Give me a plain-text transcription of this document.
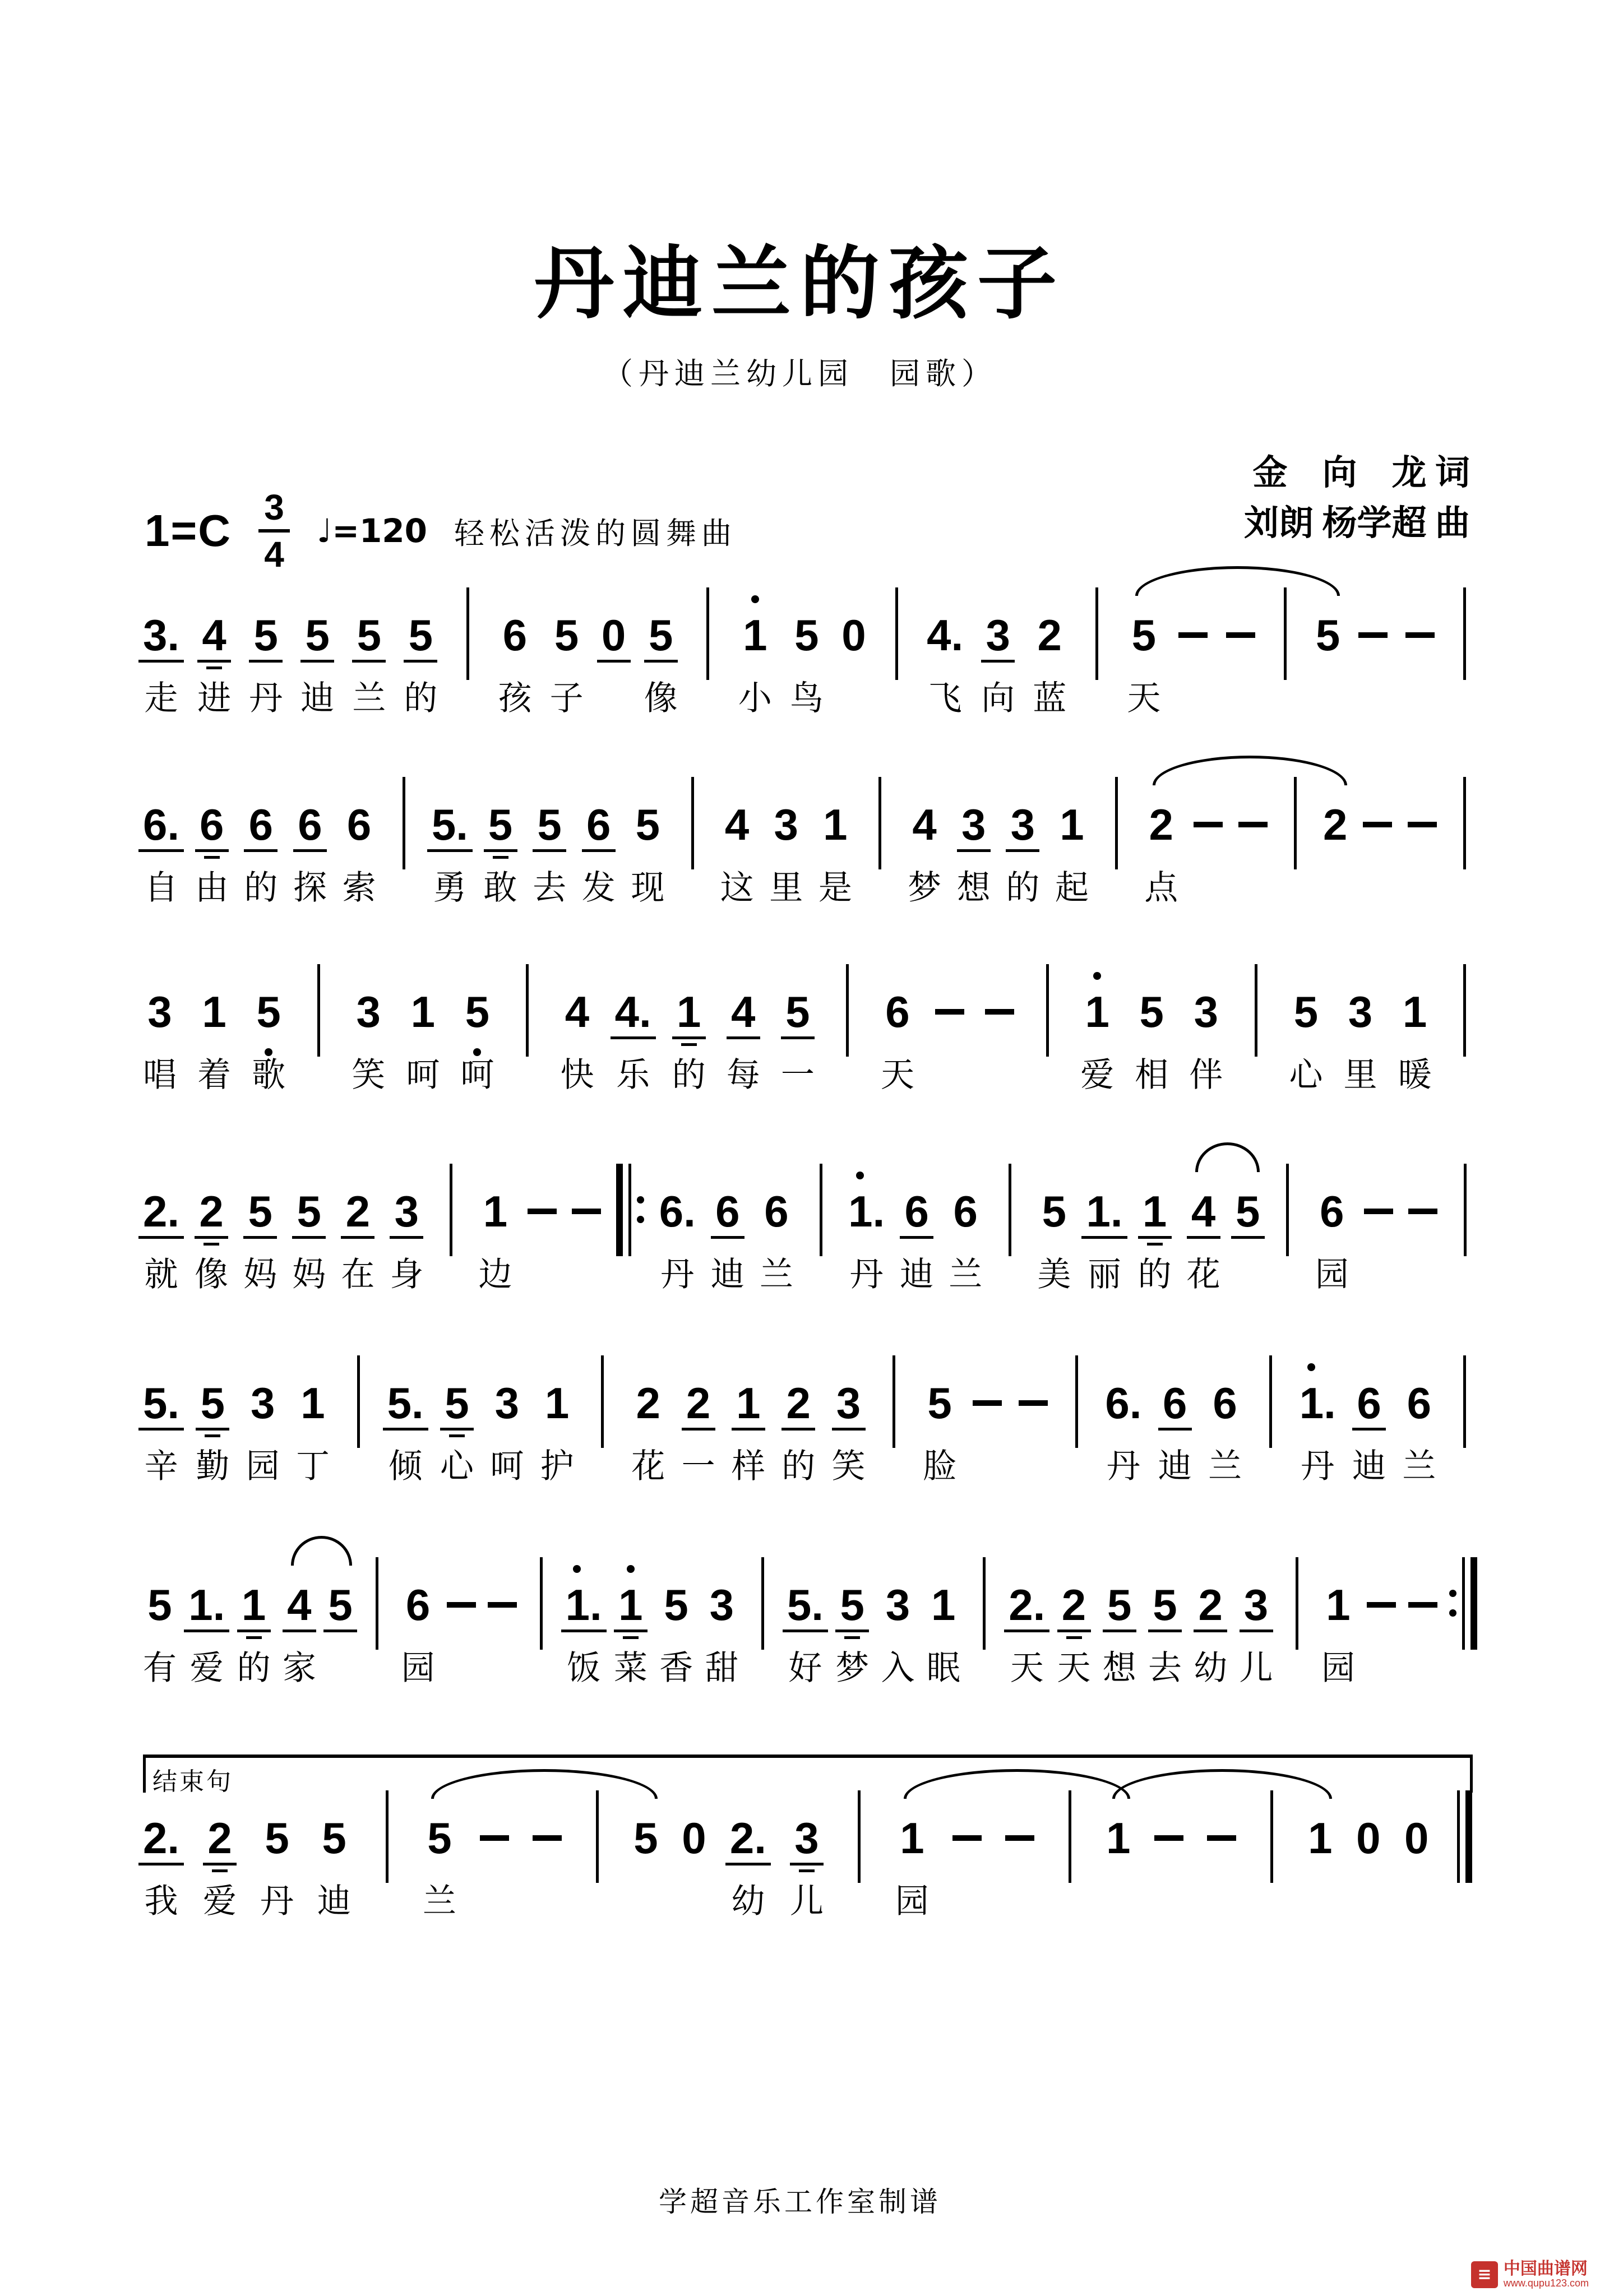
丹迪兰的孩子
（丹迪兰幼儿园　园歌）
金　向　龙 词
刘朗 杨学超 曲
1=C 3
4
♩=120 轻松活泼的圆舞曲
3.
走
4
进
5
丹
5
迪
5
兰
5
的
6
孩
5
子
0 5
像
1
小
5
鸟
0 4.
飞
3
向
2
蓝
5
天
5
6.
自
6
由
6
的
6
探
6
索
5.
勇
5
敢
5
去
6
发
5
现
4
这
3
里
1
是
4
梦
3
想
3
的
1
起
2
点
2
3
唱
1
着
5
歌
3
笑
1
呵
5
呵
4
快
4.
乐
1
的
4
每
5
一
6
天
1
爱
5
相
3
伴
5
心
3
里
1
暖
2.
就
2
像
5
妈
5
妈
2
在
3
身
1
边
6.
丹
6
迪
6
兰
1.
丹
6
迪
6
兰
5
美
1.
丽
1
的
4
花
5 6
园
5.
辛
5
勤
3
园
1
丁
5.
倾
5
心
3
呵
1
护
2
花
2
一
1
样
2
的
3
笑
5
脸
6.
丹
6
迪
6
兰
1.
丹
6
迪
6
兰
5
有
1.
爱
1
的
4
家
5 6
园
1.
饭
1
菜
5
香
3
甜
5.
好
5
梦
3
入
1
眠
2.
天
2
天
5
想
5
去
2
幼
3
儿
1
园
2.
我
2
爱
5
丹
5
迪
5
兰
5 0 2.
幼
3
儿
1
园
1	1 0 0
结束句
学超音乐工作室制谱
≡ 中国曲谱网
www.qupu123.com
